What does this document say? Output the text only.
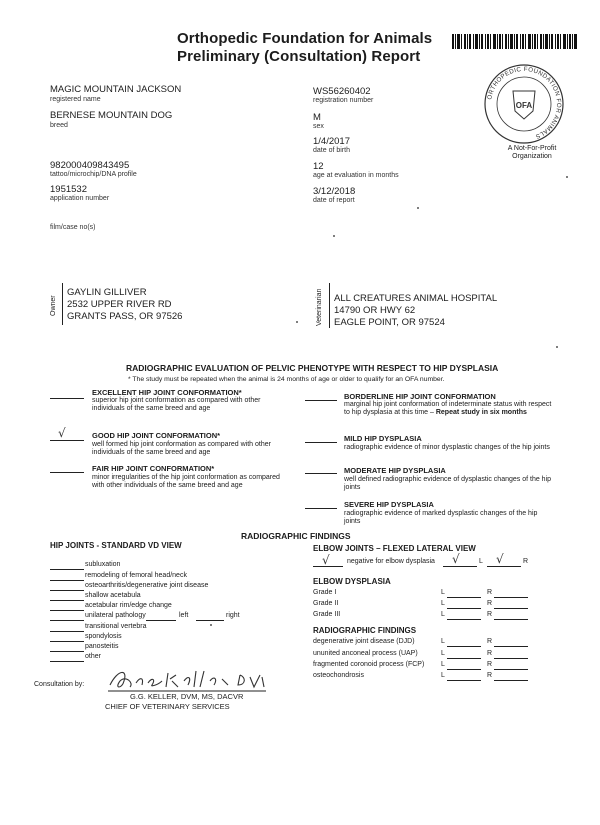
Orthopedic Foundation for Animals
Preliminary (Consultation) Report
ORTHOPEDIC FOUNDATION FOR ANIMALS
OFA
A Not-For-Profit
Organization
MAGIC MOUNTAIN JACKSON
registered name
BERNESE MOUNTAIN DOG
breed
982000409843495
tattoo/microchip/DNA profile
1951532
application number
film/case no(s)
WS56260402
registration number
M
sex
1/4/2017
date of birth
12
age at evaluation in months
3/12/2018
date of report
Owner
GAYLIN GILLIVER
2532 UPPER RIVER RD
GRANTS PASS, OR 97526	Veterinarian ALL CREATURES ANIMAL HOSPITAL
14790 OR HWY 62
EAGLE POINT, OR 97524
RADIOGRAPHIC EVALUATION OF PELVIC PHENOTYPE WITH RESPECT TO HIP DYSPLASIA
* The study must be repeated when the animal is 24 months of age or older to qualify for an OFA number.
EXCELLENT HIP JOINT CONFORMATION*
superior hip joint conformation as compared with other individuals of the same breed and age
√	GOOD HIP JOINT CONFORMATION*
well formed hip joint conformation as compared with other individuals of the same breed and age
FAIR HIP JOINT CONFORMATION*
minor irregularities of the hip joint conformation as compared with other individuals of the same breed and age
BORDERLINE HIP JOINT CONFORMATION
marginal hip joint conformation of indeterminate status with respect to hip dysplasia at this time – Repeat study in six months
MILD HIP DYSPLASIA
radiographic evidence of minor dysplastic changes of the hip joints
MODERATE HIP DYSPLASIA
well defined radiographic evidence of dysplastic changes of the hip joints
SEVERE HIP DYSPLASIA
radiographic evidence of marked dysplastic changes of the hip joints
RADIOGRAPHIC FINDINGS
HIP JOINTS - STANDARD VD VIEW
subluxation
remodeling of femoral head/neck
osteoarthritis/degenerative joint disease
shallow acetabula
acetabular rim/edge change
unilateral pathology
transitional vertebra
spondylosis
panosteitis
other
left	right
ELBOW JOINTS – FLEXED LATERAL VIEW
√ negative for elbow dysplasia √	L √	R
ELBOW DYSPLASIA
Grade I	L	R
Grade II	L	R
Grade III	L	R
RADIOGRAPHIC FINDINGS
degenerative joint disease (DJD)	L	R
ununited anconeal process (UAP)	L	R
fragmented coronoid process (FCP) L	R
osteochondrosis	L	R
Consultation by:
G.G. KELLER, DVM, MS, DACVR
CHIEF OF VETERINARY SERVICES
